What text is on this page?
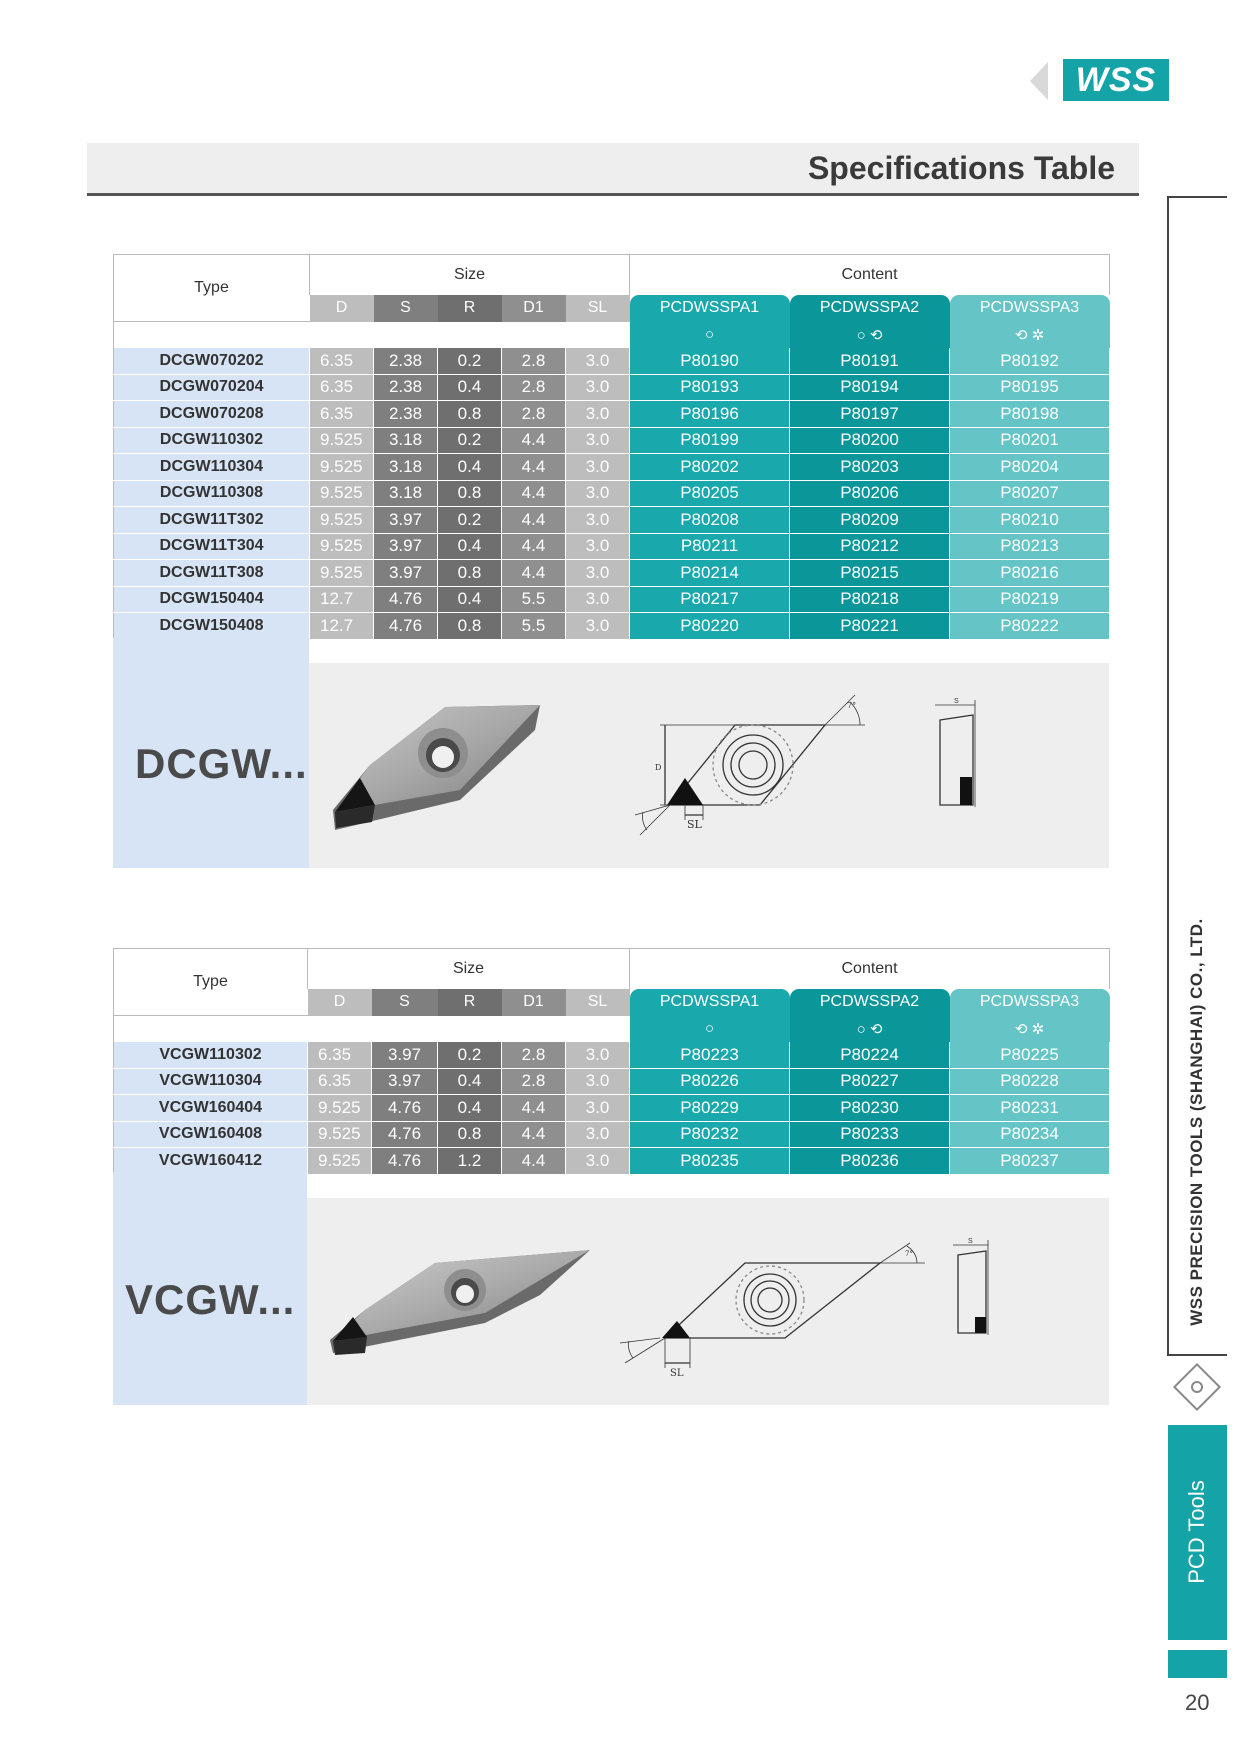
WSS
Specifications Table
WSS PRECISION TOOLS (SHANGHAI) CO., LTD.
PCD Tools
20
Type	Size					Content		
	D	S	R	D1	SL	PCDWSSPA1	PCDWSSPA2	PCDWSSPA3
						○	○ ⟲	⟲ ✲
DCGW070202	6.35	2.38	0.2	2.8	3.0	P80190	P80191	P80192
DCGW070204	6.35	2.38	0.4	2.8	3.0	P80193	P80194	P80195
DCGW070208	6.35	2.38	0.8	2.8	3.0	P80196	P80197	P80198
DCGW110302	9.525	3.18	0.2	4.4	3.0	P80199	P80200	P80201
DCGW110304	9.525	3.18	0.4	4.4	3.0	P80202	P80203	P80204
DCGW110308	9.525	3.18	0.8	4.4	3.0	P80205	P80206	P80207
DCGW11T302	9.525	3.97	0.2	4.4	3.0	P80208	P80209	P80210
DCGW11T304	9.525	3.97	0.4	4.4	3.0	P80211	P80212	P80213
DCGW11T308	9.525	3.97	0.8	4.4	3.0	P80214	P80215	P80216
DCGW150404	12.7	4.76	0.4	5.5	3.0	P80217	P80218	P80219
DCGW150408	12.7	4.76	0.8	5.5	3.0	P80220	P80221	P80222
DCGW...
SL
D
7°	S
Type	Size					Content		
	D	S	R	D1	SL	PCDWSSPA1	PCDWSSPA2	PCDWSSPA3
						○	○ ⟲	⟲ ✲
VCGW110302	6.35	3.97	0.2	2.8	3.0	P80223	P80224	P80225
VCGW110304	6.35	3.97	0.4	2.8	3.0	P80226	P80227	P80228
VCGW160404	9.525	4.76	0.4	4.4	3.0	P80229	P80230	P80231
VCGW160408	9.525	4.76	0.8	4.4	3.0	P80232	P80233	P80234
VCGW160412	9.525	4.76	1.2	4.4	3.0	P80235	P80236	P80237
VCGW...
SL
7°
S
